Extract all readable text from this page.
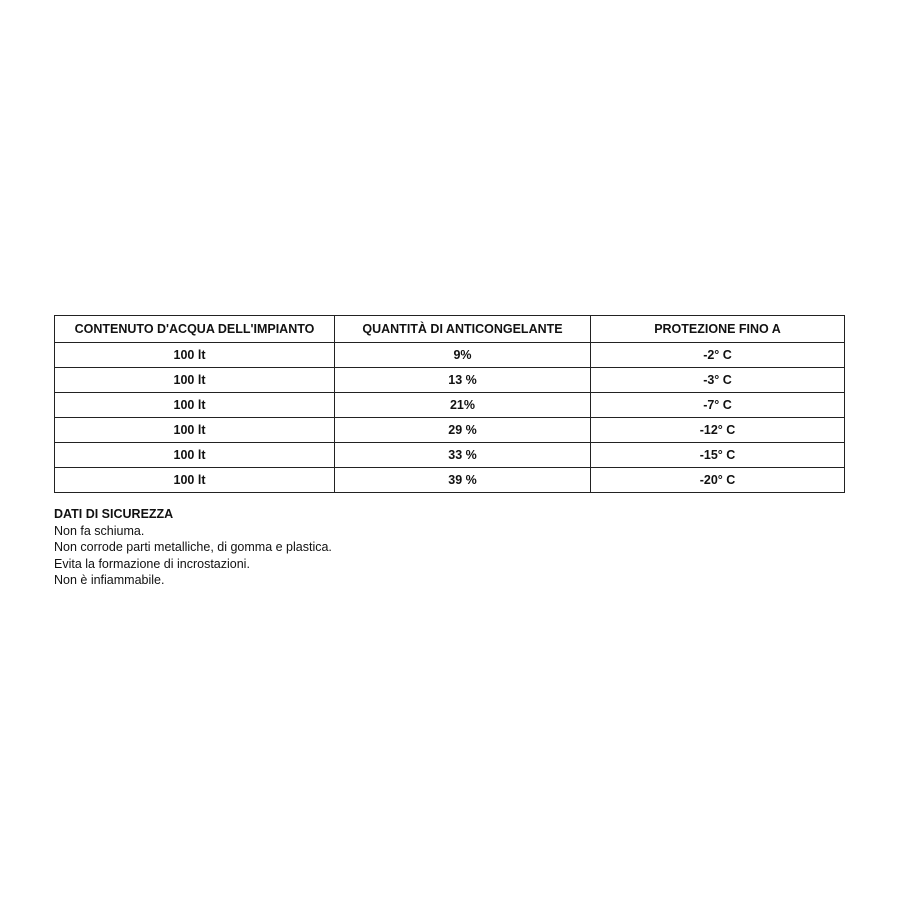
CONTENUTO D'ACQUA DELL'IMPIANTO	QUANTITÀ DI ANTICONGELANTE	PROTEZIONE FINO A
100 lt	9%	-2° C
100 lt	13 %	-3° C
100 lt	21%	-7° C
100 lt	29 %	-12° C
100 lt	33 %	-15° C
100 lt	39 %	-20° C
DATI DI SICUREZZA
Non fa schiuma.
Non corrode parti metalliche, di gomma e plastica.
Evita la formazione di incrostazioni.
Non è infiammabile.
